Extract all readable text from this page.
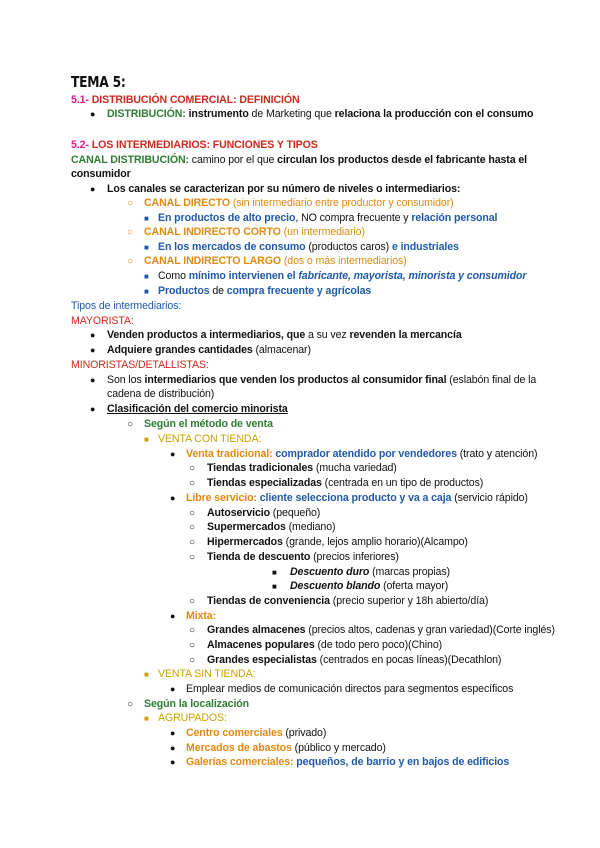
TEMA 5:
5.1- DISTRIBUCIÓN COMERCIAL: DEFINICIÓN
● DISTRIBUCIÓN: instrumento de Marketing que relaciona la producción con el consumo
5.2- LOS INTERMEDIARIOS: FUNCIONES Y TIPOS
CANAL DISTRIBUCIÓN: camino por el que circulan los productos desde el fabricante hasta el
consumidor
● Los canales se caracterizan por su número de niveles o intermediarios:
○ CANAL DIRECTO (sin intermediario entre productor y consumidor)
■ En productos de alto precio, NO compra frecuente y relación personal
○ CANAL INDIRECTO CORTO (un intermediario)
■ En los mercados de consumo (productos caros) e industriales
○ CANAL INDIRECTO LARGO (dos o más intermediarios)
■ Como mínimo intervienen el fabricante, mayorista, minorista y consumidor
■ Productos de compra frecuente y agrícolas
Tipos de intermediarios:
MAYORISTA:
● Venden productos a intermediarios, que a su vez revenden la mercancía
● Adquiere grandes cantidades (almacenar)
MINORISTAS/DETALLISTAS:
● Son los intermediarios que venden los productos al consumidor final (eslabón final de la
cadena de distribución)
● Clasificación del comercio minorista
○ Según el método de venta
■ VENTA CON TIENDA:
● Venta tradicional: comprador atendido por vendedores (trato y atención)
○ Tiendas tradicionales (mucha variedad)
○ Tiendas especializadas (centrada en un tipo de productos)
● Libre servicio: cliente selecciona producto y va a caja (servicio rápido)
○ Autoservicio (pequeño)
○ Supermercados (mediano)
○ Hipermercados (grande, lejos amplio horario)(Alcampo)
○ Tienda de descuento (precios inferiores)
■ Descuento duro (marcas propias)
■ Descuento blando (oferta mayor)
○ Tiendas de conveniencia (precio superior y 18h abierto/día)
● Mixta:
○ Grandes almacenes (precios altos, cadenas y gran variedad)(Corte inglés)
○ Almacenes populares (de todo pero poco)(Chino)
○ Grandes especialistas (centrados en pocas líneas)(Decathlon)
■ VENTA SIN TIENDA:
● Emplear medios de comunicación directos para segmentos específicos
○ Según la localización
■ AGRUPADOS:
● Centro comerciales (privado)
● Mercados de abastos (público y mercado)
● Galerías comerciales: pequeños, de barrio y en bajos de edificios
